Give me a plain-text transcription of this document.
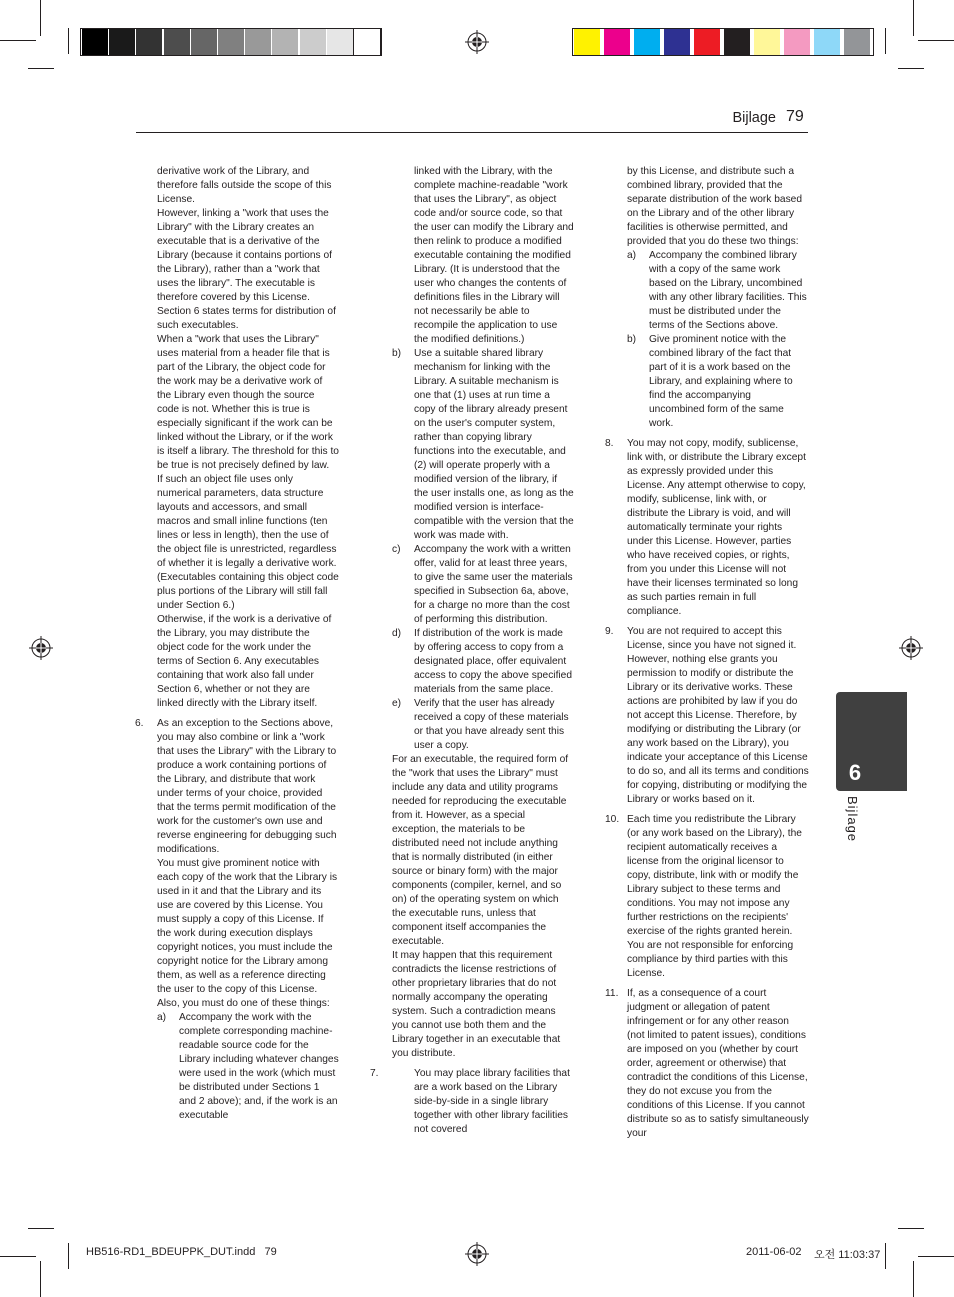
Bijlage 79

derivative work of the Library, and therefore falls outside the scope of this License.

However, linking a "work that uses the Library" with the Library creates an executable that is a derivative of the Library (because it contains portions of the Library), rather than a "work that uses the library". The executable is therefore covered by this License. Section 6 states terms for distribution of such executables.

When a "work that uses the Library" uses material from a header file that is part of the Library, the object code for the work may be a derivative work of the Library even though the source code is not. Whether this is true is especially significant if the work can be linked without the Library, or if the work is itself a library. The threshold for this to be true is not precisely defined by law.

If such an object file uses only numerical parameters, data structure layouts and accessors, and small macros and small inline functions (ten lines or less in length), then the use of the object file is unrestricted, regardless of whether it is legally a derivative work. (Executables containing this object code plus portions of the Library will still fall under Section 6.)

Otherwise, if the work is a derivative of the Library, you may distribute the object code for the work under the terms of Section 6. Any executables containing that work also fall under Section 6, whether or not they are linked directly with the Library itself.

6. As an exception to the Sections above, you may also combine or link a "work that uses the Library" with the Library to produce a work containing portions of the Library, and distribute that work under terms of your choice, provided that the terms permit modification of the work for the customer's own use and reverse engineering for debugging such modifications.

You must give prominent notice with each copy of the work that the Library is used in it and that the Library and its use are covered by this License. You must supply a copy of this License. If the work during execution displays copyright notices, you must include the copyright notice for the Library among them, as well as a reference directing the user to the copy of this License. Also, you must do one of these things:

a) Accompany the work with the complete corresponding machine-readable source code for the Library including whatever changes were used in the work (which must be distributed under Sections 1 and 2 above); and, if the work is an executable

linked with the Library, with the complete machine-readable "work that uses the Library", as object code and/or source code, so that the user can modify the Library and then relink to produce a modified executable containing the modified Library. (It is understood that the user who changes the contents of definitions files in the Library will not necessarily be able to recompile the application to use the modified definitions.)

b) Use a suitable shared library mechanism for linking with the Library. A suitable mechanism is one that (1) uses at run time a copy of the library already present on the user's computer system, rather than copying library functions into the executable, and (2) will operate properly with a modified version of the library, if the user installs one, as long as the modified version is interface-compatible with the version that the work was made with.

c) Accompany the work with a written offer, valid for at least three years, to give the same user the materials specified in Subsection 6a, above, for a charge no more than the cost of performing this distribution.

d) If distribution of the work is made by offering access to copy from a designated place, offer equivalent access to copy the above specified materials from the same place.

e) Verify that the user has already received a copy of these materials or that you have already sent this user a copy.

For an executable, the required form of the "work that uses the Library" must include any data and utility programs needed for reproducing the executable from it. However, as a special exception, the materials to be distributed need not include anything that is normally distributed (in either source or binary form) with the major components (compiler, kernel, and so on) of the operating system on which the executable runs, unless that component itself accompanies the executable.

It may happen that this requirement contradicts the license restrictions of other proprietary libraries that do not normally accompany the operating system. Such a contradiction means you cannot use both them and the Library together in an executable that you distribute.

7.	You may place library facilities that are a work based on the Library side-by-side in a single library together with other library facilities not covered

by this License, and distribute such a combined library, provided that the separate distribution of the work based on the Library and of the other library facilities is otherwise permitted, and provided that you do these two things:

a) Accompany the combined library with a copy of the same work based on the Library, uncombined with any other library facilities. This must be distributed under the terms of the Sections above.

b) Give prominent notice with the combined library of the fact that part of it is a work based on the Library, and explaining where to find the accompanying uncombined form of the same work.

8. You may not copy, modify, sublicense, link with, or distribute the Library except as expressly provided under this License. Any attempt otherwise to copy, modify, sublicense, link with, or distribute the Library is void, and will automatically terminate your rights under this License. However, parties who have received copies, or rights, from you under this License will not have their licenses terminated so long as such parties remain in full compliance.

9. You are not required to accept this License, since you have not signed it. However, nothing else grants you permission to modify or distribute the Library or its derivative works. These actions are prohibited by law if you do not accept this License. Therefore, by modifying or distributing the Library (or any work based on the Library), you indicate your acceptance of this License to do so, and all its terms and conditions for copying, distributing or modifying the Library or works based on it.

10. Each time you redistribute the Library (or any work based on the Library), the recipient automatically receives a license from the original licensor to copy, distribute, link with or modify the Library subject to these terms and conditions. You may not impose any further restrictions on the recipients' exercise of the rights granted herein. You are not responsible for enforcing compliance by third parties with this License.

11. If, as a consequence of a court judgment or allegation of patent infringement or for any other reason (not limited to patent issues), conditions are imposed on you (whether by court order, agreement or otherwise) that contradict the conditions of this License, they do not excuse you from the conditions of this License. If you cannot distribute so as to satisfy simultaneously your

6
Bijlage
HB516-RD1_BDEUPPK_DUT.indd   79	2011-06-02 오전 11:03:37
